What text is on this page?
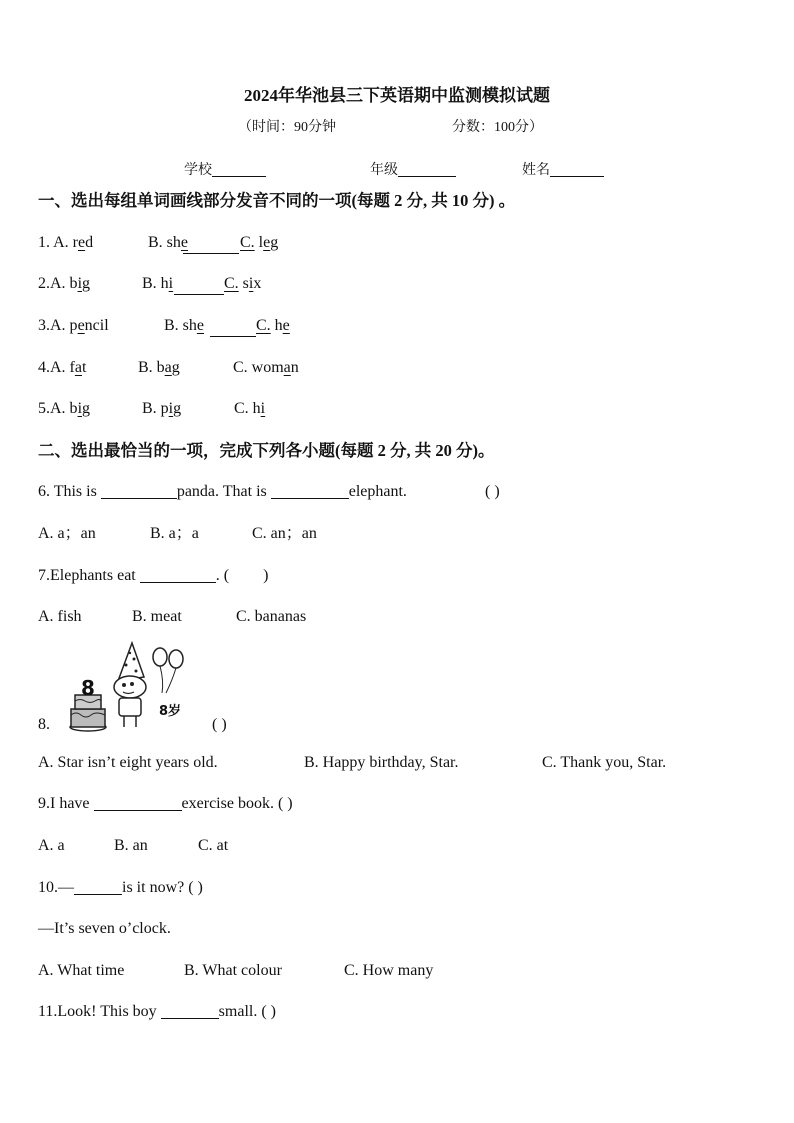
2024年华池县三下英语期中监测模拟试题
（时间：90分钟	分数：100分）
学校	年级	姓名
一、选出每组单词画线部分发音不同的一项(每题 2 分, 共 10 分) 。
1. A. red	B. she	C. leg
2.A. big	B. hi	C. six
3.A. pencil	B. she	C. he
4.A. fat	B. bag	C. woman
5.A. big	B. pig	C. hi
二、选出最恰当的一项，完成下列各小题(每题 2 分, 共 20 分)。
6. This is	panda. That is	elephant.	( )
A. a；an	B. a；a	C. an；an
7.Elephants eat	. ( )
A. fish	B. meat	C. bananas
8.
8
8岁
( )
A. Star isn’t eight years old.	B. Happy birthday, Star.	C. Thank you, Star.
9.I have	exercise book. ( )
A. a	B. an	C. at
10.—	is it now? ( )
—It’s seven o’clock.
A. What time	B. What colour	C. How many
11.Look! This boy	small. ( )
